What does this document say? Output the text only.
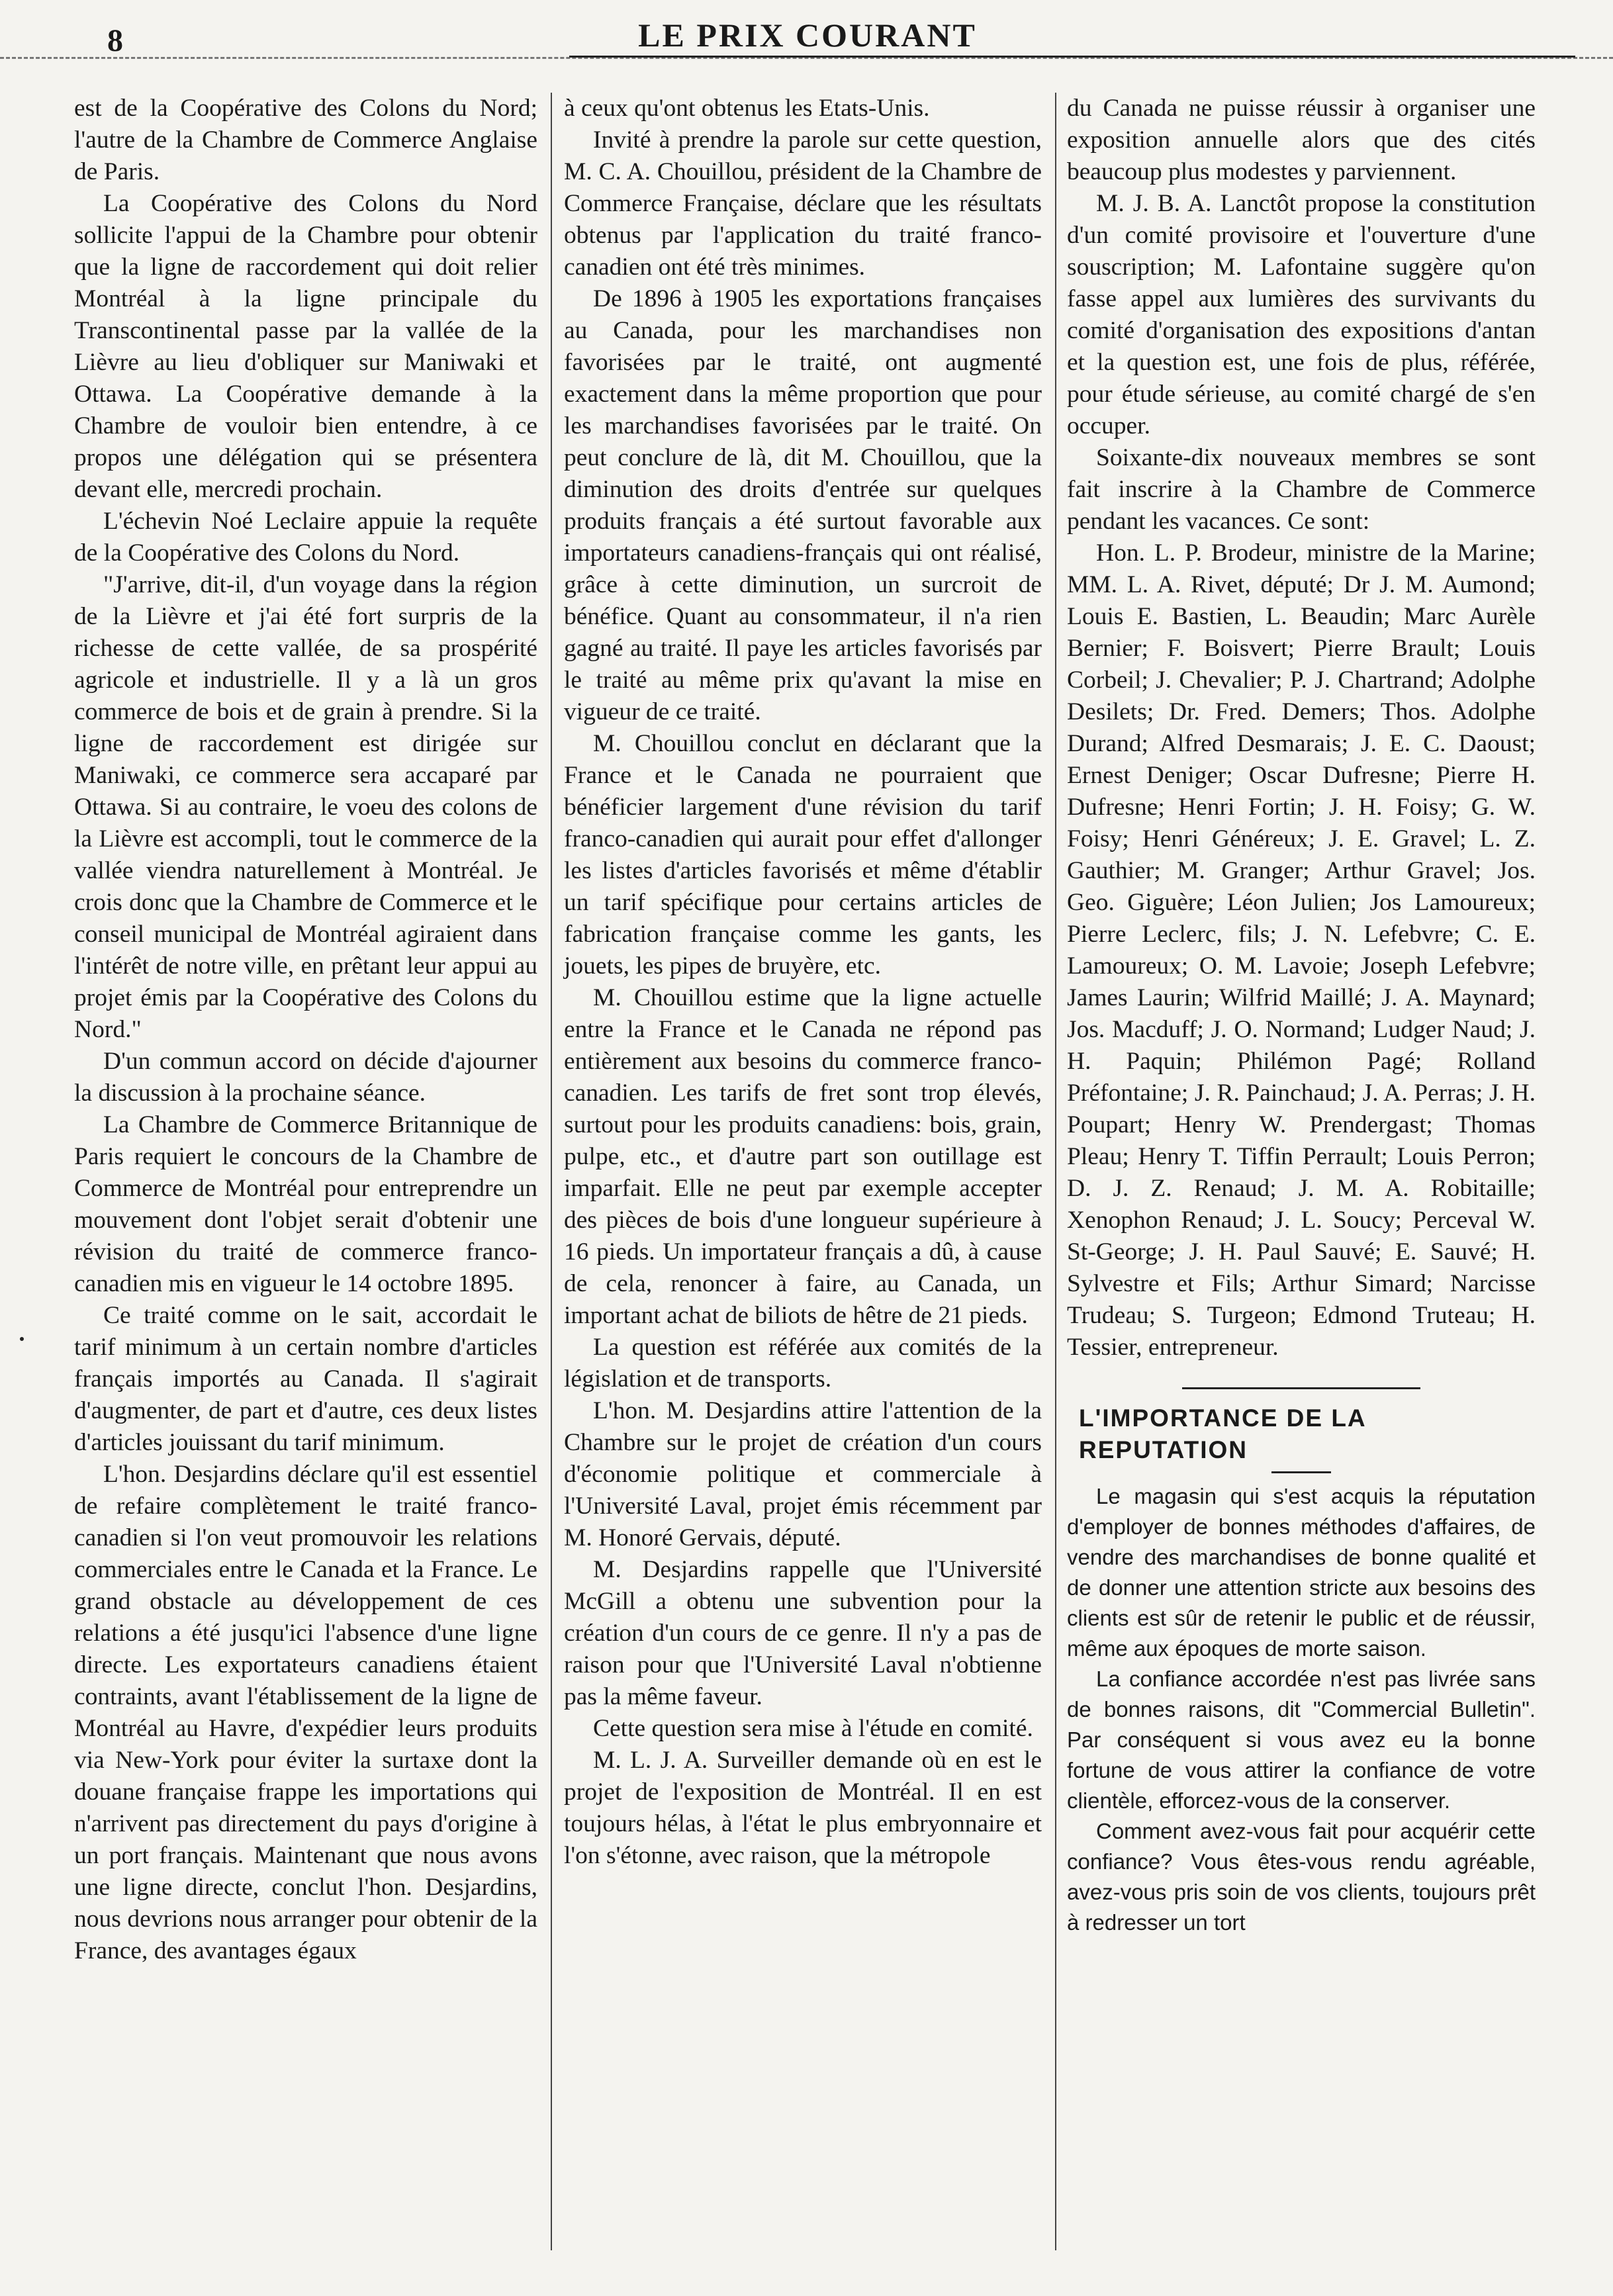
8	LE PRIX COURANT

est de la Coopérative des Colons du Nord; l'autre de la Chambre de Commerce Anglaise de Paris.

La Coopérative des Colons du Nord sollicite l'appui de la Chambre pour obtenir que la ligne de raccordement qui doit relier Montréal à la ligne principale du Transcontinental passe par la vallée de la Lièvre au lieu d'obliquer sur Maniwaki et Ottawa. La Coopérative demande à la Chambre de vouloir bien entendre, à ce propos une délégation qui se présentera devant elle, mercredi prochain.

L'échevin Noé Leclaire appuie la requête de la Coopérative des Colons du Nord.

"J'arrive, dit-il, d'un voyage dans la région de la Lièvre et j'ai été fort surpris de la richesse de cette vallée, de sa prospérité agricole et industrielle. Il y a là un gros commerce de bois et de grain à prendre. Si la ligne de raccordement est dirigée sur Maniwaki, ce commerce sera accaparé par Ottawa. Si au contraire, le voeu des colons de la Lièvre est accompli, tout le commerce de la vallée viendra naturellement à Montréal. Je crois donc que la Chambre de Commerce et le conseil municipal de Montréal agiraient dans l'intérêt de notre ville, en prêtant leur appui au projet émis par la Coopérative des Colons du Nord."

D'un commun accord on décide d'ajourner la discussion à la prochaine séance.

La Chambre de Commerce Britannique de Paris requiert le concours de la Chambre de Commerce de Montréal pour entreprendre un mouvement dont l'objet serait d'obtenir une révision du traité de commerce franco-canadien mis en vigueur le 14 octobre 1895.

Ce traité comme on le sait, accordait le tarif minimum à un certain nombre d'articles français importés au Canada. Il s'agirait d'augmenter, de part et d'autre, ces deux listes d'articles jouissant du tarif minimum.

L'hon. Desjardins déclare qu'il est essentiel de refaire complètement le traité franco-canadien si l'on veut promouvoir les relations commerciales entre le Canada et la France. Le grand obstacle au développement de ces relations a été jusqu'ici l'absence d'une ligne directe. Les exportateurs canadiens étaient contraints, avant l'établissement de la ligne de Montréal au Havre, d'expédier leurs produits via New-York pour éviter la surtaxe dont la douane française frappe les importations qui n'arrivent pas directement du pays d'origine à un port français. Maintenant que nous avons une ligne directe, conclut l'hon. Desjardins, nous devrions nous arranger pour obtenir de la France, des avantages égaux

à ceux qu'ont obtenus les Etats-Unis.

Invité à prendre la parole sur cette question, M. C. A. Chouillou, président de la Chambre de Commerce Française, déclare que les résultats obtenus par l'application du traité franco-canadien ont été très minimes.

De 1896 à 1905 les exportations françaises au Canada, pour les marchandises non favorisées par le traité, ont augmenté exactement dans la même proportion que pour les marchandises favorisées par le traité. On peut conclure de là, dit M. Chouillou, que la diminution des droits d'entrée sur quelques produits français a été surtout favorable aux importateurs canadiens-français qui ont réalisé, grâce à cette diminution, un surcroit de bénéfice. Quant au consommateur, il n'a rien gagné au traité. Il paye les articles favorisés par le traité au même prix qu'avant la mise en vigueur de ce traité.

M. Chouillou conclut en déclarant que la France et le Canada ne pourraient que bénéficier largement d'une révision du tarif franco-canadien qui aurait pour effet d'allonger les listes d'articles favorisés et même d'établir un tarif spécifique pour certains articles de fabrication française comme les gants, les jouets, les pipes de bruyère, etc.

M. Chouillou estime que la ligne actuelle entre la France et le Canada ne répond pas entièrement aux besoins du commerce franco-canadien. Les tarifs de fret sont trop élevés, surtout pour les produits canadiens: bois, grain, pulpe, etc., et d'autre part son outillage est imparfait. Elle ne peut par exemple accepter des pièces de bois d'une longueur supérieure à 16 pieds. Un importateur français a dû, à cause de cela, renoncer à faire, au Canada, un important achat de biliots de hêtre de 21 pieds.

La question est référée aux comités de la législation et de transports.

L'hon. M. Desjardins attire l'attention de la Chambre sur le projet de création d'un cours d'économie politique et commerciale à l'Université Laval, projet émis récemment par M. Honoré Gervais, député.

M. Desjardins rappelle que l'Université McGill a obtenu une subvention pour la création d'un cours de ce genre. Il n'y a pas de raison pour que l'Université Laval n'obtienne pas la même faveur.

Cette question sera mise à l'étude en comité.

M. L. J. A. Surveiller demande où en est le projet de l'exposition de Montréal. Il en est toujours hélas, à l'état le plus embryonnaire et l'on s'étonne, avec raison, que la métropole

du Canada ne puisse réussir à organiser une exposition annuelle alors que des cités beaucoup plus modestes y parviennent.

M. J. B. A. Lanctôt propose la constitution d'un comité provisoire et l'ouverture d'une souscription; M. Lafontaine suggère qu'on fasse appel aux lumières des survivants du comité d'organisation des expositions d'antan et la question est, une fois de plus, référée, pour étude sérieuse, au comité chargé de s'en occuper.

Soixante-dix nouveaux membres se sont fait inscrire à la Chambre de Commerce pendant les vacances. Ce sont:

Hon. L. P. Brodeur, ministre de la Marine; MM. L. A. Rivet, député; Dr J. M. Aumond; Louis E. Bastien, L. Beaudin; Marc Aurèle Bernier; F. Boisvert; Pierre Brault; Louis Corbeil; J. Chevalier; P. J. Chartrand; Adolphe Desilets; Dr. Fred. Demers; Thos. Adolphe Durand; Alfred Desmarais; J. E. C. Daoust; Ernest Deniger; Oscar Dufresne; Pierre H. Dufresne; Henri Fortin; J. H. Foisy; G. W. Foisy; Henri Généreux; J. E. Gravel; L. Z. Gauthier; M. Granger; Arthur Gravel; Jos. Geo. Giguère; Léon Julien; Jos Lamoureux; Pierre Leclerc, fils; J. N. Lefebvre; C. E. Lamoureux; O. M. Lavoie; Joseph Lefebvre; James Laurin; Wilfrid Maillé; J. A. Maynard; Jos. Macduff; J. O. Normand; Ludger Naud; J. H. Paquin; Philémon Pagé; Rolland Préfontaine; J. R. Painchaud; J. A. Perras; J. H. Poupart; Henry W. Prendergast; Thomas Pleau; Henry T. Tiffin Perrault; Louis Perron; D. J. Z. Renaud; J. M. A. Robitaille; Xenophon Renaud; J. L. Soucy; Perceval W. St-George; J. H. Paul Sauvé; E. Sauvé; H. Sylvestre et Fils; Arthur Simard; Narcisse Trudeau; S. Turgeon; Edmond Truteau; H. Tessier, entrepreneur.

L'IMPORTANCE DE LA REPUTATION

Le magasin qui s'est acquis la réputation d'employer de bonnes méthodes d'affaires, de vendre des marchandises de bonne qualité et de donner une attention stricte aux besoins des clients est sûr de retenir le public et de réussir, même aux époques de morte saison.

La confiance accordée n'est pas livrée sans de bonnes raisons, dit "Commercial Bulletin". Par conséquent si vous avez eu la bonne fortune de vous attirer la confiance de votre clientèle, efforcez-vous de la conserver.

Comment avez-vous fait pour acquérir cette confiance? Vous êtes-vous rendu agréable, avez-vous pris soin de vos clients, toujours prêt à redresser un tort
